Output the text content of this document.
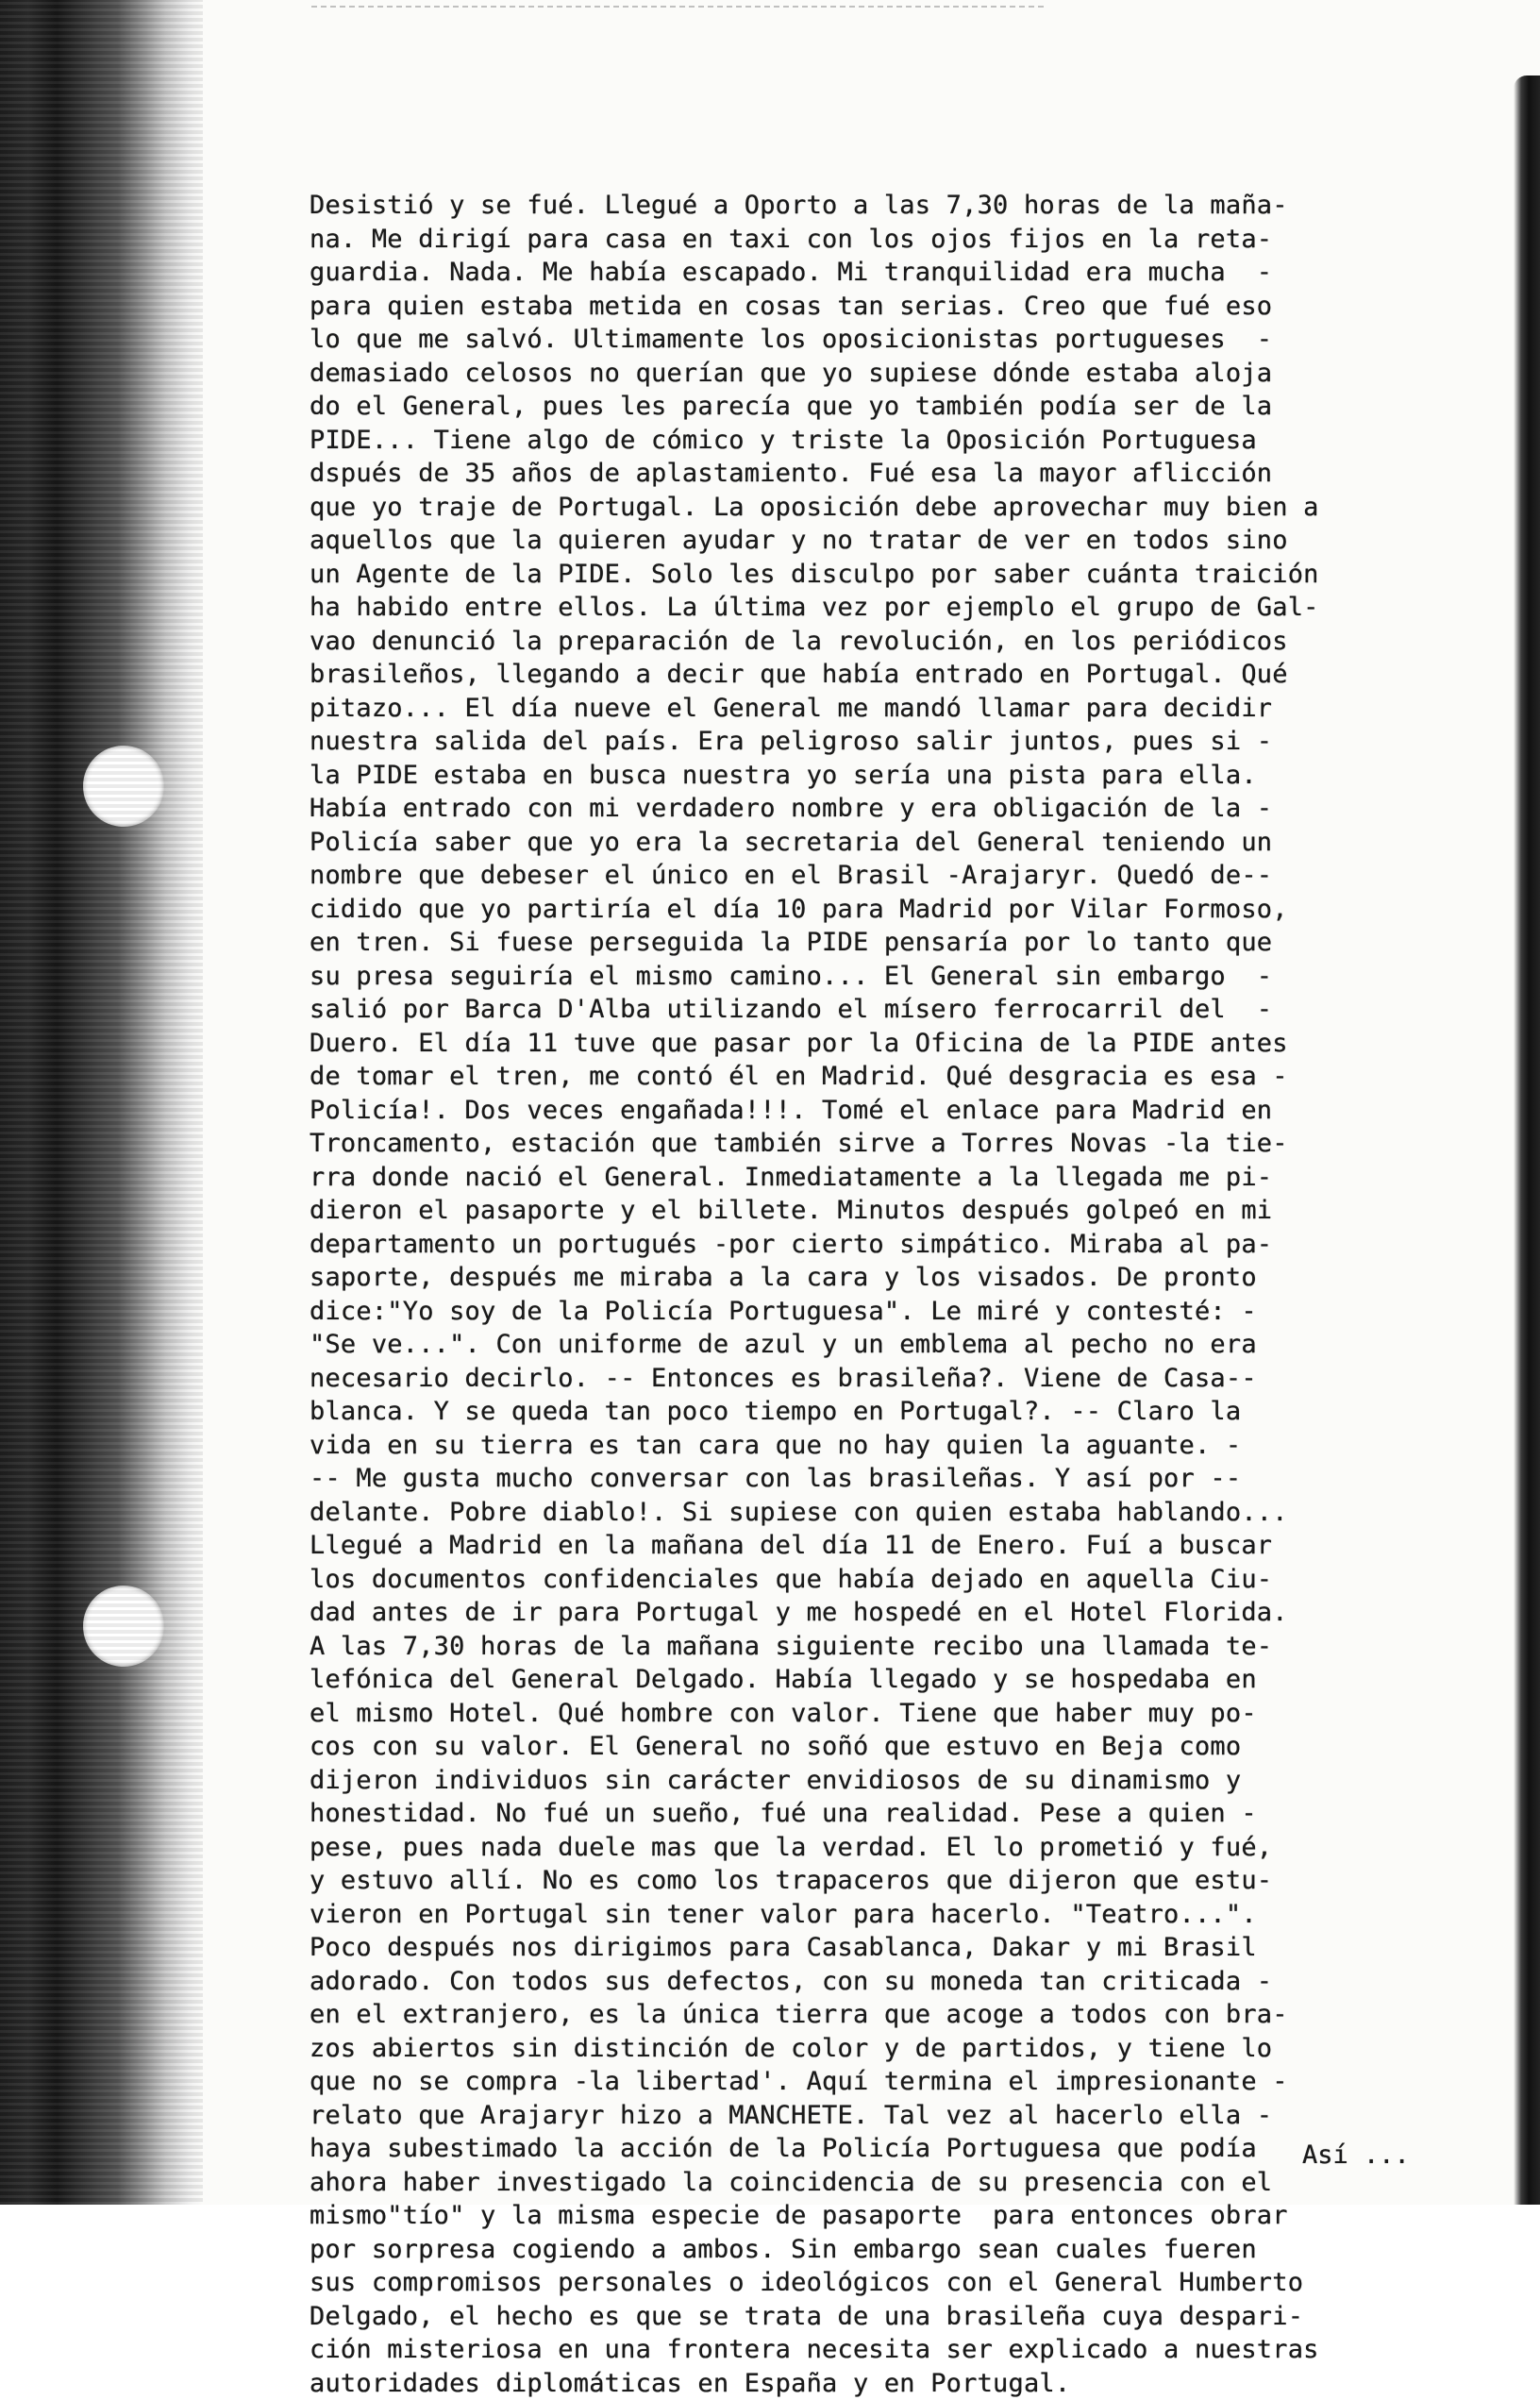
Desistió y se fué. Llegué a Oporto a las 7,30 horas de la maña-
na. Me dirigí para casa en taxi con los ojos fijos en la reta-
guardia. Nada. Me había escapado. Mi tranquilidad era mucha  -
para quien estaba metida en cosas tan serias. Creo que fué eso
lo que me salvó. Ultimamente los oposicionistas portugueses  -
demasiado celosos no querían que yo supiese dónde estaba aloja
do el General, pues les parecía que yo también podía ser de la
PIDE... Tiene algo de cómico y triste la Oposición Portuguesa
dspués de 35 años de aplastamiento. Fué esa la mayor aflicción
que yo traje de Portugal. La oposición debe aprovechar muy bien a
aquellos que la quieren ayudar y no tratar de ver en todos sino
un Agente de la PIDE. Solo les disculpo por saber cuánta traición
ha habido entre ellos. La última vez por ejemplo el grupo de Gal-
vao denunció la preparación de la revolución, en los periódicos
brasileños, llegando a decir que había entrado en Portugal. Qué
pitazo... El día nueve el General me mandó llamar para decidir
nuestra salida del país. Era peligroso salir juntos, pues si -
la PIDE estaba en busca nuestra yo sería una pista para ella.
Había entrado con mi verdadero nombre y era obligación de la -
Policía saber que yo era la secretaria del General teniendo un
nombre que debeser el único en el Brasil -Arajaryr. Quedó de--
cidido que yo partiría el día 10 para Madrid por Vilar Formoso,
en tren. Si fuese perseguida la PIDE pensaría por lo tanto que
su presa seguiría el mismo camino... El General sin embargo  -
salió por Barca D'Alba utilizando el mísero ferrocarril del  -
Duero. El día 11 tuve que pasar por la Oficina de la PIDE antes
de tomar el tren, me contó él en Madrid. Qué desgracia es esa -
Policía!. Dos veces engañada!!!. Tomé el enlace para Madrid en
Troncamento, estación que también sirve a Torres Novas -la tie-
rra donde nació el General. Inmediatamente a la llegada me pi-
dieron el pasaporte y el billete. Minutos después golpeó en mi
departamento un portugués -por cierto simpático. Miraba al pa-
saporte, después me miraba a la cara y los visados. De pronto
dice:"Yo soy de la Policía Portuguesa". Le miré y contesté: -
"Se ve...". Con uniforme de azul y un emblema al pecho no era
necesario decirlo. -- Entonces es brasileña?. Viene de Casa--
blanca. Y se queda tan poco tiempo en Portugal?. -- Claro la
vida en su tierra es tan cara que no hay quien la aguante. -
-- Me gusta mucho conversar con las brasileñas. Y así por --
delante. Pobre diablo!. Si supiese con quien estaba hablando...
Llegué a Madrid en la mañana del día 11 de Enero. Fuí a buscar
los documentos confidenciales que había dejado en aquella Ciu-
dad antes de ir para Portugal y me hospedé en el Hotel Florida.
A las 7,30 horas de la mañana siguiente recibo una llamada te-
lefónica del General Delgado. Había llegado y se hospedaba en
el mismo Hotel. Qué hombre con valor. Tiene que haber muy po-
cos con su valor. El General no soñó que estuvo en Beja como
dijeron individuos sin carácter envidiosos de su dinamismo y
honestidad. No fué un sueño, fué una realidad. Pese a quien -
pese, pues nada duele mas que la verdad. El lo prometió y fué,
y estuvo allí. No es como los trapaceros que dijeron que estu-
vieron en Portugal sin tener valor para hacerlo. "Teatro...".
Poco después nos dirigimos para Casablanca, Dakar y mi Brasil
adorado. Con todos sus defectos, con su moneda tan criticada -
en el extranjero, es la única tierra que acoge a todos con bra-
zos abiertos sin distinción de color y de partidos, y tiene lo
que no se compra -la libertad'. Aquí termina el impresionante -
relato que Arajaryr hizo a MANCHETE. Tal vez al hacerlo ella -
haya subestimado la acción de la Policía Portuguesa que podía
ahora haber investigado la coincidencia de su presencia con el
mismo"tío" y la misma especie de pasaporte  para entonces obrar
por sorpresa cogiendo a ambos. Sin embargo sean cuales fueren
sus compromisos personales o ideológicos con el General Humberto
Delgado, el hecho es que se trata de una brasileña cuya despari-
ción misteriosa en una frontera necesita ser explicado a nuestras
autoridades diplomáticas en España y en Portugal.
Así ...
